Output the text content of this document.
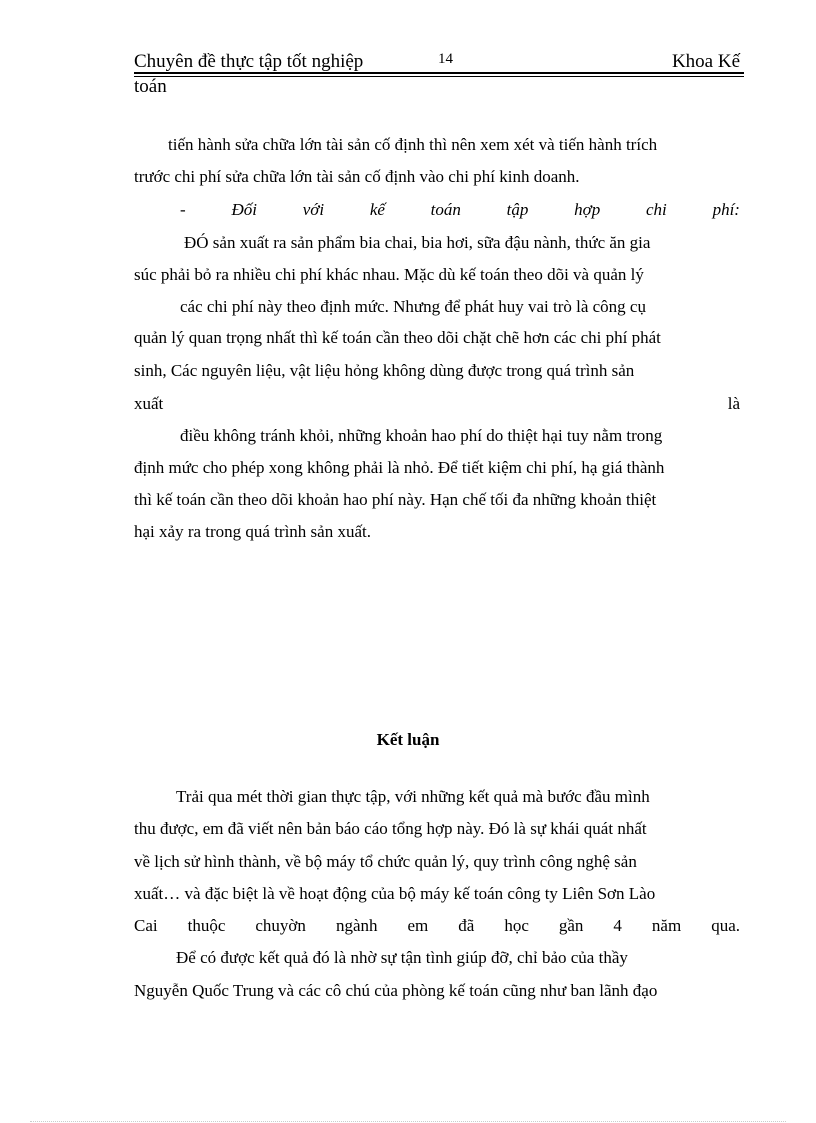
Chuyên đề thực tập tốt nghiệp	14	Khoa Kế
toán
tiến hành sửa chữa lớn tài sản cố định thì nên xem xét và tiến hành trích
trước chi phí sửa chữa lớn tài sản cố định vào chi phí kinh doanh.
-	Đối	với	kế	toán	tập	hợp	chi	phí:
ĐÓ sản xuất ra sản phẩm bia chai, bia hơi, sữa đậu nành, thức ăn gia
súc phải bỏ ra nhiều chi phí khác nhau. Mặc dù kế toán theo dõi và quản lý
các chi phí này theo định mức. Nhưng để phát huy vai trò là công cụ
quản lý quan trọng nhất thì kế toán cần theo dõi chặt chẽ hơn các chi phí phát
sinh, Các nguyên liệu, vật liệu hỏng không dùng được trong quá trình sản
xuất	là
điều không tránh khỏi, những khoản hao phí do thiệt hại tuy nằm trong
định mức cho phép xong không phải là nhỏ. Để tiết kiệm chi phí, hạ giá thành
thì kế toán cần theo dõi khoản hao phí này. Hạn chế tối đa những khoản thiệt
hại xảy ra trong quá trình sản xuất.
Kết luận
Trải qua mét thời gian thực tập, với những kết quả mà bước đầu mình
thu được, em đã viết nên bản báo cáo tổng hợp này. Đó là sự khái quát nhất
về lịch sử hình thành, về bộ máy tổ chức quản lý, quy trình công nghệ sản
xuất… và đặc biệt là về hoạt động của bộ máy kế toán công ty Liên Sơn Lào
Cai thuộc chuyờn ngành em đã học gần 4 năm qua.
Để có được kết quả đó là nhờ sự tận tình giúp đỡ, chỉ bảo của thầy
Nguyễn Quốc Trung và các cô chú của phòng kế toán cũng như ban lãnh đạo
